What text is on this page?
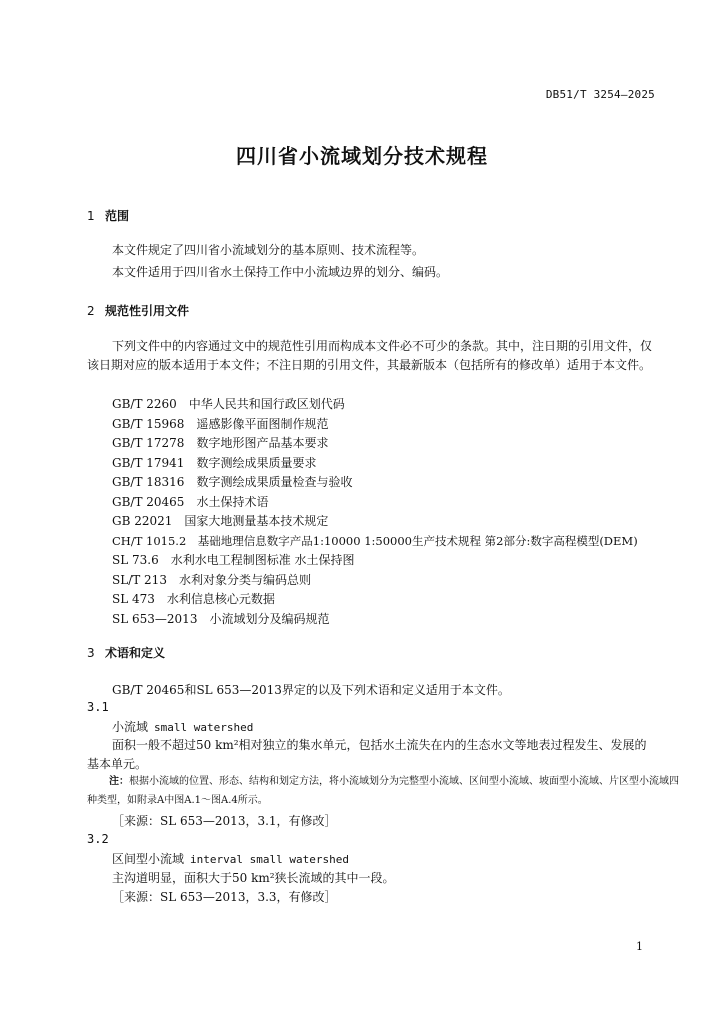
DB51/T 3254—2025
四川省小流域划分技术规程
1 范围
本文件规定了四川省小流域划分的基本原则、技术流程等。
本文件适用于四川省水土保持工作中小流域边界的划分、编码。
2 规范性引用文件
下列文件中的内容通过文中的规范性引用而构成本文件必不可少的条款。其中，注日期的引用文件，仅该日期对应的版本适用于本文件；不注日期的引用文件，其最新版本（包括所有的修改单）适用于本文件。
GB/T 2260　中华人民共和国行政区划代码
GB/T 15968　遥感影像平面图制作规范
GB/T 17278　数字地形图产品基本要求
GB/T 17941　数字测绘成果质量要求
GB/T 18316　数字测绘成果质量检查与验收
GB/T 20465　水土保持术语
GB 22021　国家大地测量基本技术规定
CH/T 1015.2　基础地理信息数字产品1:10000 1:50000生产技术规程 第2部分:数字高程模型(DEM)
SL 73.6　水利水电工程制图标准 水土保持图
SL/T 213　水利对象分类与编码总则
SL 473　水利信息核心元数据
SL 653—2013　小流域划分及编码规范
3 术语和定义
GB/T 20465和SL 653—2013界定的以及下列术语和定义适用于本文件。
3.1
小流域 small watershed
面积一般不超过50 km²相对独立的集水单元，包括水土流失在内的生态水文等地表过程发生、发展的基本单元。
注：根据小流域的位置、形态、结构和划定方法，将小流域划分为完整型小流域、区间型小流域、坡面型小流域、片区型小流域四种类型，如附录A中图A.1～图A.4所示。
［来源：SL 653—2013，3.1，有修改］
3.2
区间型小流域 interval small watershed
主沟道明显，面积大于50 km²狭长流域的其中一段。
［来源：SL 653—2013，3.3，有修改］
1
